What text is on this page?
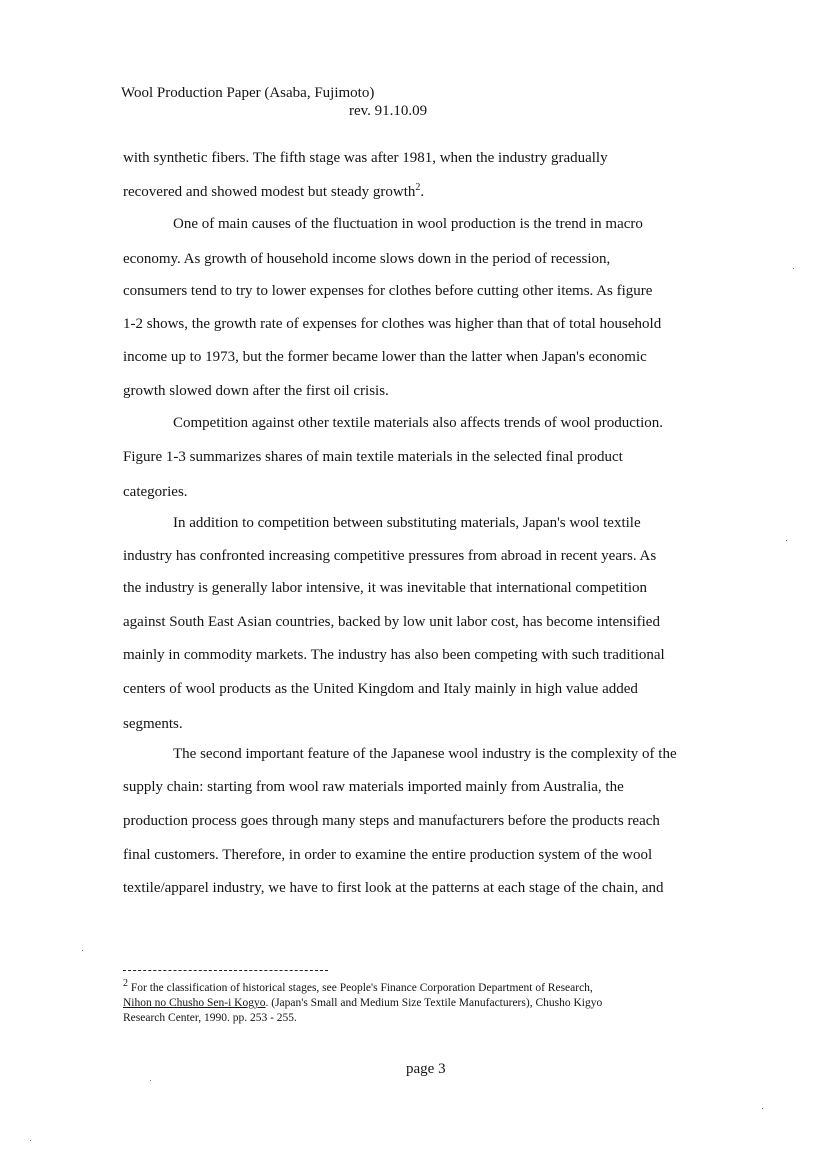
Wool Production Paper (Asaba, Fujimoto)
rev. 91.10.09
with synthetic fibers. The fifth stage was after 1981, when the industry gradually
recovered and showed modest but steady growth$^2$.
One of main causes of the fluctuation in wool production is the trend in macro
economy. As growth of household income slows down in the period of recession,
consumers tend to try to lower expenses for clothes before cutting other items. As figure
1-2 shows, the growth rate of expenses for clothes was higher than that of total household
income up to 1973, but the former became lower than the latter when Japan's economic
growth slowed down after the first oil crisis.
Competition against other textile materials also affects trends of wool production.
Figure 1-3 summarizes shares of main textile materials in the selected final product
categories.
In addition to competition between substituting materials, Japan's wool textile
industry has confronted increasing competitive pressures from abroad in recent years. As
the industry is generally labor intensive, it was inevitable that international competition
against South East Asian countries, backed by low unit labor cost, has become intensified
mainly in commodity markets. The industry has also been competing with such traditional
centers of wool products as the United Kingdom and Italy mainly in high value added
segments.
The second important feature of the Japanese wool industry is the complexity of the
supply chain: starting from wool raw materials imported mainly from Australia, the
production process goes through many steps and manufacturers before the products reach
final customers. Therefore, in order to examine the entire production system of the wool
textile/apparel industry, we have to first look at the patterns at each stage of the chain, and
$^2$ For the classification of historical stages, see People's Finance Corporation Department of Research,
Nihon no Chusho Sen-i Kogyo. (Japan's Small and Medium Size Textile Manufacturers), Chusho Kigyo
Research Center, 1990. pp. 253 - 255.
page 3
